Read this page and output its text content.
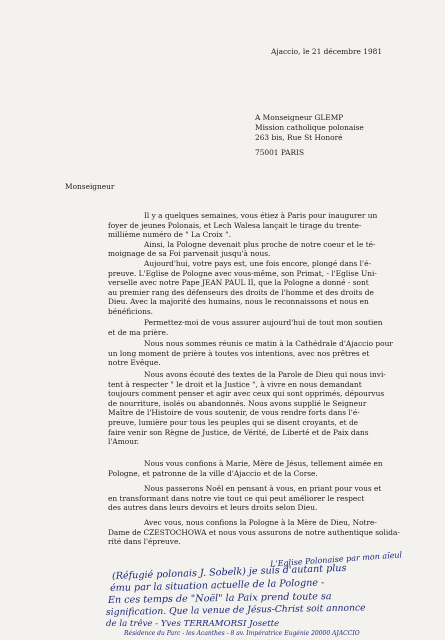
Ajaccio, le 21 décembre 1981
A Monseigneur GLEMP
Mission catholique polonaise
263 bis, Rue St Honoré
75001 PARIS
Monseigneur
Il y a quelques semaines, vous étiez à Paris pour inaugurer un
foyer de jeunes Polonais, et Lech Walesa lançait le tirage du trente-
millième numéro de " La Croix ".
Ainsi, la Pologne devenait plus proche de notre coeur et le té-
moignage de sa Foi parvenait jusqu'à nous.
Aujourd'hui, votre pays est, une fois encore, plongé dans l'é-
preuve. L'Eglise de Pologne avec vous-même, son Primat, - l'Eglise Uni-
verselle avec notre Pape JEAN PAUL II, que la Pologne a donné - sont
au premier rang des défenseurs des droits de l'homme et des droits de
Dieu. Avec la majorité des humains, nous le reconnaissons et nous en
bénéficions.
Permettez-moi de vous assurer aujourd'hui de tout mon soutien
et de ma prière.
Nous nous sommes réunis ce matin à la Cathédrale d'Ajaccio pour
un long moment de prière à toutes vos intentions, avec nos prêtres et
notre Evêque.
Nous avons écouté des textes de la Parole de Dieu qui nous invi-
tent à respecter " le droit et la Justice ", à vivre en nous demandant
toujours comment penser et agir avec ceux qui sont opprimés, dépourvus
de nourriture, isolés ou abandonnés. Nous avons supplié le Seigneur
Maître de l'Histoire de vous soutenir, de vous rendre forts dans l'é-
preuve, lumière pour tous les peuples qui se disent croyants, et de
faire venir son Règne de Justice, de Vérité, de Liberté et de Paix dans
l'Amour.
Nous vous confions à Marie, Mère de Jésus, tellement aimée en
Pologne, et patronne de la ville d'Ajaccio et de la Corse.
Nous passerons Noël en pensant à vous, en priant pour vous et
en transformant dans notre vie tout ce qui peut améliorer le respect
des autres dans leurs devoirs et leurs droits selon Dieu.
Avec vous, nous confions la Pologne à la Mère de Dieu, Notre-
Dame de CZESTOCHOWA et nous vous assurons de notre authentique solida-
rité dans l'épreuve.
L'Eglise Polonaise par mon aïeul
(Réfugié polonais J. Sobelk) je suis d'autant plus
ému par la situation actuelle de la Pologne -
En ces temps de "Noël" la Paix prend toute sa
signification. Que la venue de Jésus-Christ soit annonce
de la trêve - Yves TERRAMORSI Josette
Résidence du Parc - les Acanthes - 8 av. Impératrice Eugénie 20000 AJACCIO
